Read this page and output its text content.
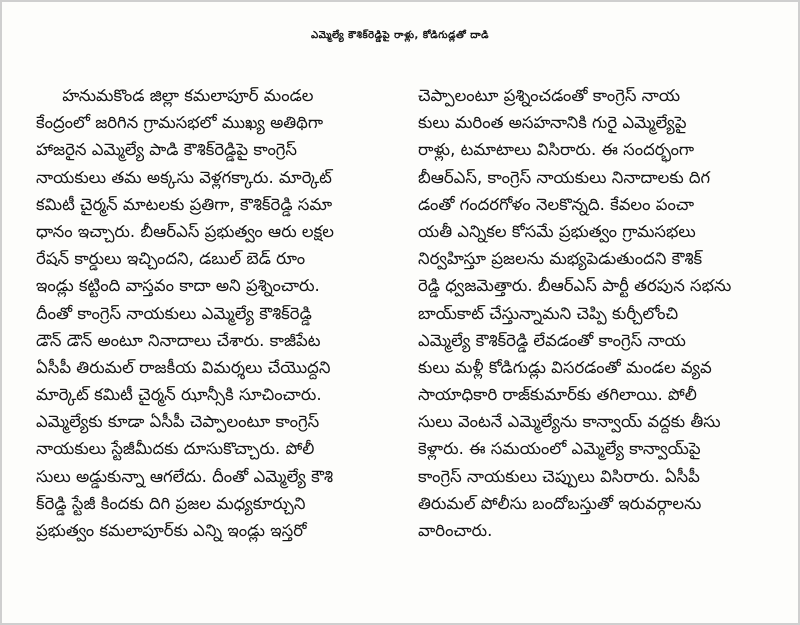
ఎమ్మెల్యే కౌశిక్‌రెడ్డిపై రాళ్లు, కోడిగుడ్లతో దాడి
హనుమకొండ జిల్లా కమలాపూర్ మండల
కేంద్రంలో జరిగిన గ్రామసభలో ముఖ్య అతిథిగా
హాజరైన ఎమ్మెల్యే పాడి కౌశిక్‌రెడ్డిపై కాంగ్రెస్
నాయకులు తమ అక్కసు వెళ్లగక్కారు. మార్కెట్
కమిటీ చైర్మన్ మాటలకు ప్రతిగా, కౌశిక్‌రెడ్డి సమా
ధానం ఇచ్చారు. బీఆర్ఎస్ ప్రభుత్వం ఆరు లక్షల
రేషన్ కార్డులు ఇచ్చిందని, డబుల్ బెడ్ రూం
ఇండ్లు కట్టింది వాస్తవం కాదా అని ప్రశ్నించారు.
దీంతో కాంగ్రెస్ నాయకులు ఎమ్మెల్యే కౌశిక్‌రెడ్డి
డౌన్ డౌన్ అంటూ నినాదాలు చేశారు. కాజీపేట
ఏసీపీ తిరుమల్ రాజకీయ విమర్శలు చేయొద్దని
మార్కెట్ కమిటీ చైర్మన్ ఝాన్సీకి సూచించారు.
ఎమ్మెల్యేకు కూడా ఏసీపీ చెప్పాలంటూ కాంగ్రెస్
నాయకులు స్టేజీమీదకు దూసుకొచ్చారు. పోలీ
సులు అడ్డుకున్నా ఆగలేదు. దీంతో ఎమ్మెల్యే కౌశి
క్‌రెడ్డి స్టేజీ కిందకు దిగి ప్రజల మధ్యకూర్చుని
ప్రభుత్వం కమలాపూర్‌కు ఎన్ని ఇండ్లు ఇస్తరో
చెప్పాలంటూ ప్రశ్నించడంతో కాంగ్రెస్ నాయ
కులు మరింత అసహనానికి గురై ఎమ్మెల్యేపై
రాళ్లు, టమాటాలు విసిరారు. ఈ సందర్భంగా
బీఆర్ఎస్, కాంగ్రెస్ నాయకులు నినాదాలకు దిగ
డంతో గందరగోళం నెలకొన్నది. కేవలం పంచా
యతీ ఎన్నికల కోసమే ప్రభుత్వం గ్రామసభలు
నిర్వహిస్తూ ప్రజలను మభ్యపెడుతుందని కౌశిక్
రెడ్డి ధ్వజమెత్తారు. బీఆర్ఎస్ పార్టీ తరపున సభను
బాయ్‌కాట్ చేస్తున్నామని చెప్పి కుర్చీలోంచి
ఎమ్మెల్యే కౌశిక్‌రెడ్డి లేవడంతో కాంగ్రెస్ నాయ
కులు మళ్లీ కోడిగుడ్లు విసరడంతో మండల వ్యవ
సాయాధికారి రాజ్‌కుమార్‌కు తగిలాయి. పోలీ
సులు వెంటనే ఎమ్మెల్యేను కాన్వాయ్ వద్దకు తీసు
కెళ్లారు. ఈ సమయంలో ఎమ్మెల్యే కాన్వాయ్‌పై
కాంగ్రెస్ నాయకులు చెప్పులు విసిరారు. ఏసీపీ
తిరుమల్ పోలీసు బందోబస్తుతో ఇరువర్గాలను
వారించారు.
